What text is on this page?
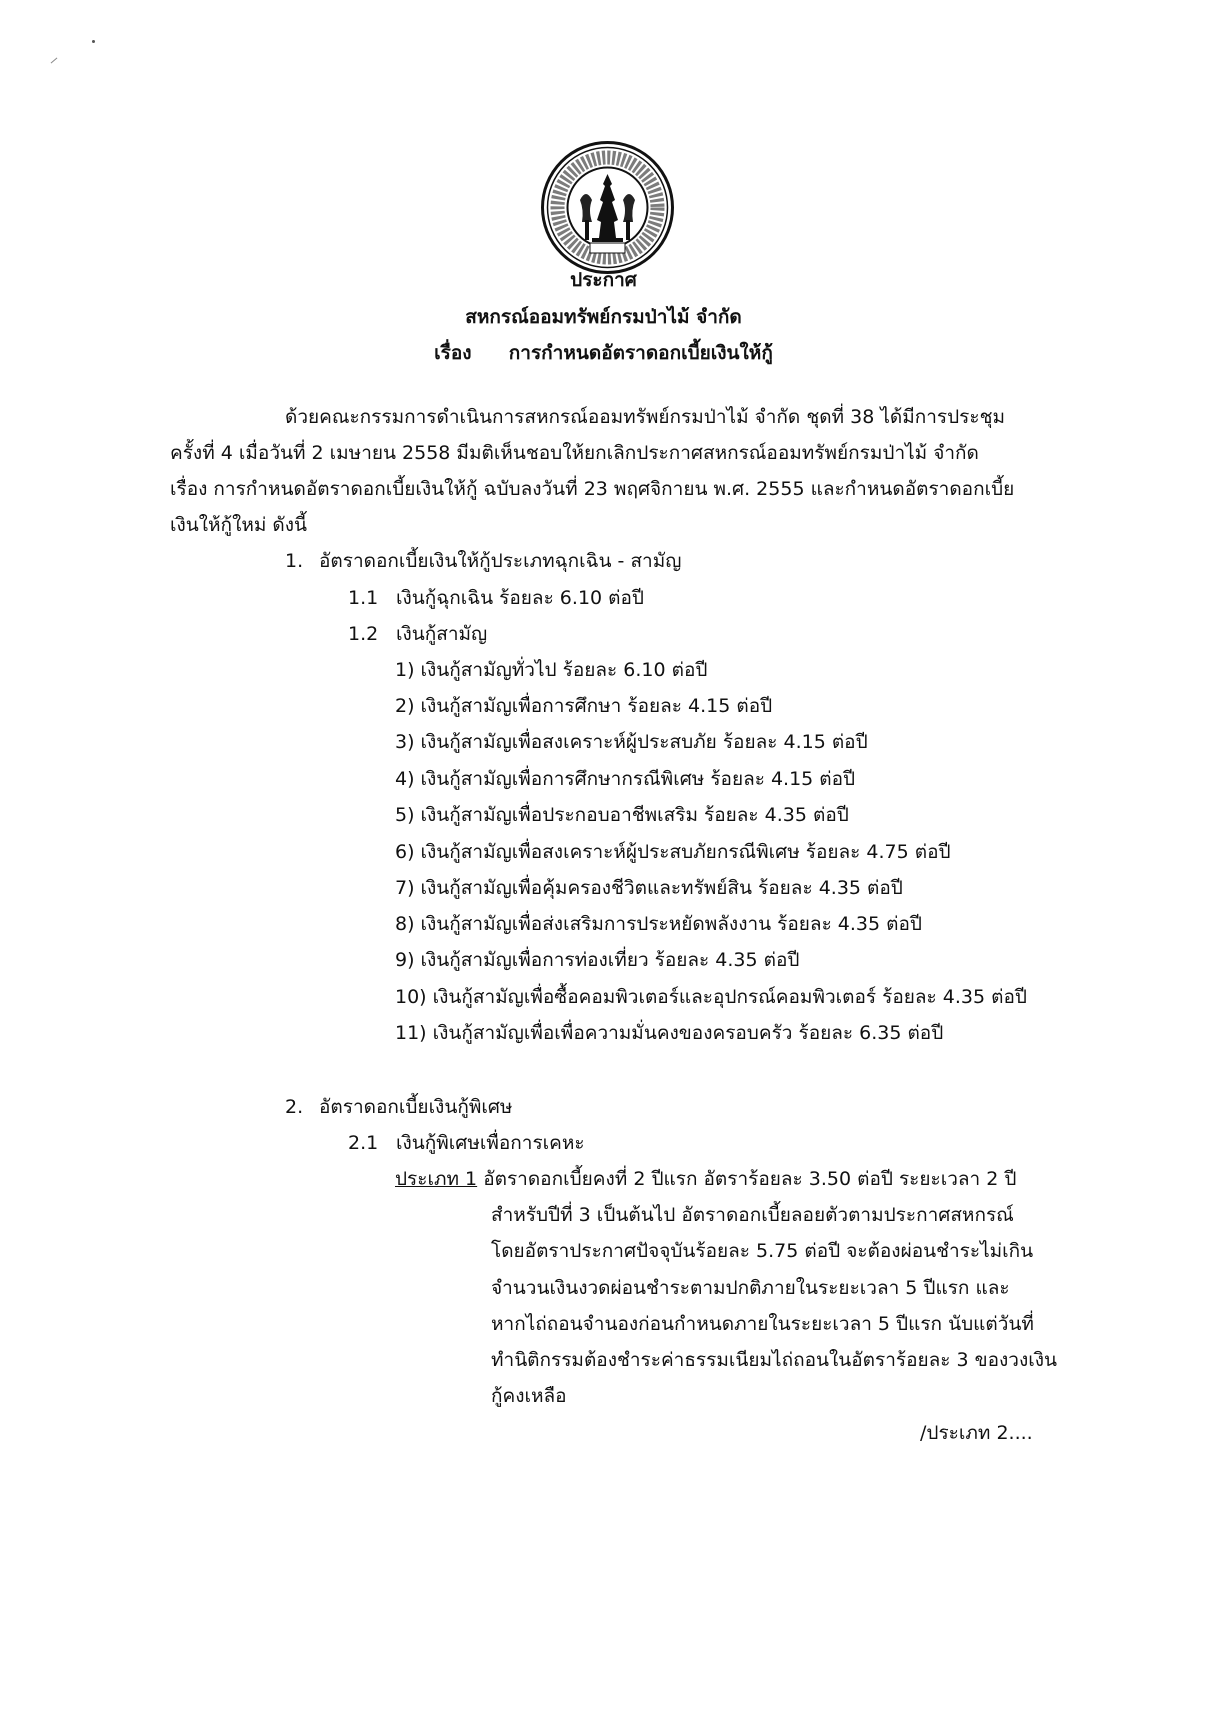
ประกาศ
สหกรณ์ออมทรัพย์กรมป่าไม้ จำกัด
เรื่อง การกำหนดอัตราดอกเบี้ยเงินให้กู้
ด้วยคณะกรรมการดำเนินการสหกรณ์ออมทรัพย์กรมป่าไม้ จำกัด ชุดที่ 38 ได้มีการประชุม
ครั้งที่ 4 เมื่อวันที่ 2 เมษายน 2558 มีมติเห็นชอบให้ยกเลิกประกาศสหกรณ์ออมทรัพย์กรมป่าไม้ จำกัด
เรื่อง การกำหนดอัตราดอกเบี้ยเงินให้กู้ ฉบับลงวันที่ 23 พฤศจิกายน พ.ศ. 2555 และกำหนดอัตราดอกเบี้ย
เงินให้กู้ใหม่ ดังนี้
1. อัตราดอกเบี้ยเงินให้กู้ประเภทฉุกเฉิน - สามัญ
1.1 เงินกู้ฉุกเฉิน ร้อยละ 6.10 ต่อปี
1.2 เงินกู้สามัญ
1) เงินกู้สามัญทั่วไป ร้อยละ 6.10 ต่อปี
2) เงินกู้สามัญเพื่อการศึกษา ร้อยละ 4.15 ต่อปี
3) เงินกู้สามัญเพื่อสงเคราะห์ผู้ประสบภัย ร้อยละ 4.15 ต่อปี
4) เงินกู้สามัญเพื่อการศึกษากรณีพิเศษ ร้อยละ 4.15 ต่อปี
5) เงินกู้สามัญเพื่อประกอบอาชีพเสริม ร้อยละ 4.35 ต่อปี
6) เงินกู้สามัญเพื่อสงเคราะห์ผู้ประสบภัยกรณีพิเศษ ร้อยละ 4.75 ต่อปี
7) เงินกู้สามัญเพื่อคุ้มครองชีวิตและทรัพย์สิน ร้อยละ 4.35 ต่อปี
8) เงินกู้สามัญเพื่อส่งเสริมการประหยัดพลังงาน ร้อยละ 4.35 ต่อปี
9) เงินกู้สามัญเพื่อการท่องเที่ยว ร้อยละ 4.35 ต่อปี
10) เงินกู้สามัญเพื่อซื้อคอมพิวเตอร์และอุปกรณ์คอมพิวเตอร์ ร้อยละ 4.35 ต่อปี
11) เงินกู้สามัญเพื่อเพื่อความมั่นคงของครอบครัว ร้อยละ 6.35 ต่อปี
2. อัตราดอกเบี้ยเงินกู้พิเศษ
2.1 เงินกู้พิเศษเพื่อการเคหะ
ประเภท 1 อัตราดอกเบี้ยคงที่ 2 ปีแรก อัตราร้อยละ 3.50 ต่อปี ระยะเวลา 2 ปี
สำหรับปีที่ 3 เป็นต้นไป อัตราดอกเบี้ยลอยตัวตามประกาศสหกรณ์
โดยอัตราประกาศปัจจุบันร้อยละ 5.75 ต่อปี จะต้องผ่อนชำระไม่เกิน
จำนวนเงินงวดผ่อนชำระตามปกติภายในระยะเวลา 5 ปีแรก และ
หากไถ่ถอนจำนองก่อนกำหนดภายในระยะเวลา 5 ปีแรก นับแต่วันที่
ทำนิติกรรมต้องชำระค่าธรรมเนียมไถ่ถอนในอัตราร้อยละ 3 ของวงเงิน
กู้คงเหลือ
/ประเภท 2....
